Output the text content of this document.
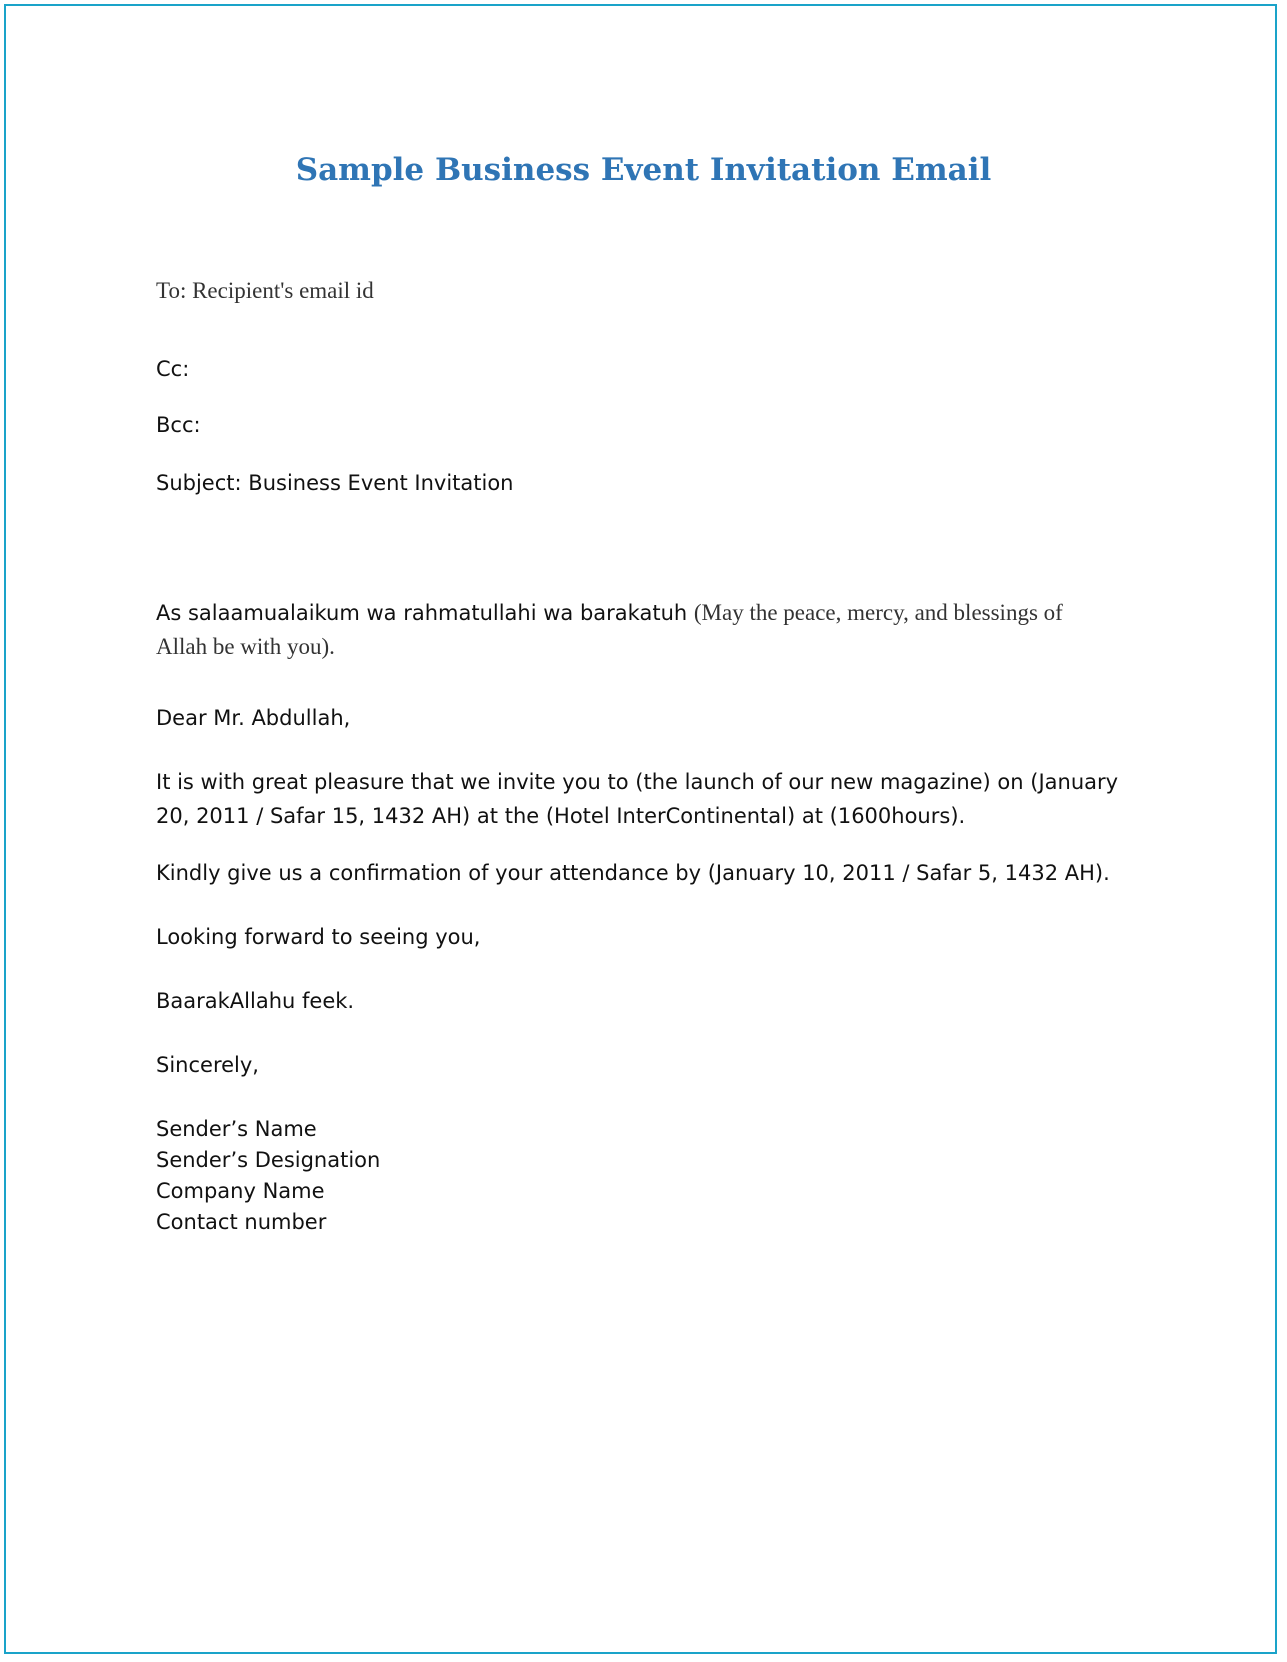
Sample Business Event Invitation Email

To: Recipient's email id

Cc:

Bcc:

Subject: Business Event Invitation

As salaamualaikum wa rahmatullahi wa barakatuh (May the peace, mercy, and blessings of
Allah be with you).

Dear Mr. Abdullah,

It is with great pleasure that we invite you to (the launch of our new magazine) on (January 20, 2011 / Safar 15, 1432 AH) at the (Hotel InterContinental) at (1600hours).

Kindly give us a confirmation of your attendance by (January 10, 2011 / Safar 5, 1432 AH).

Looking forward to seeing you,

BaarakAllahu feek.

Sincerely,

Sender’s Name
Sender’s Designation
Company Name
Contact number
